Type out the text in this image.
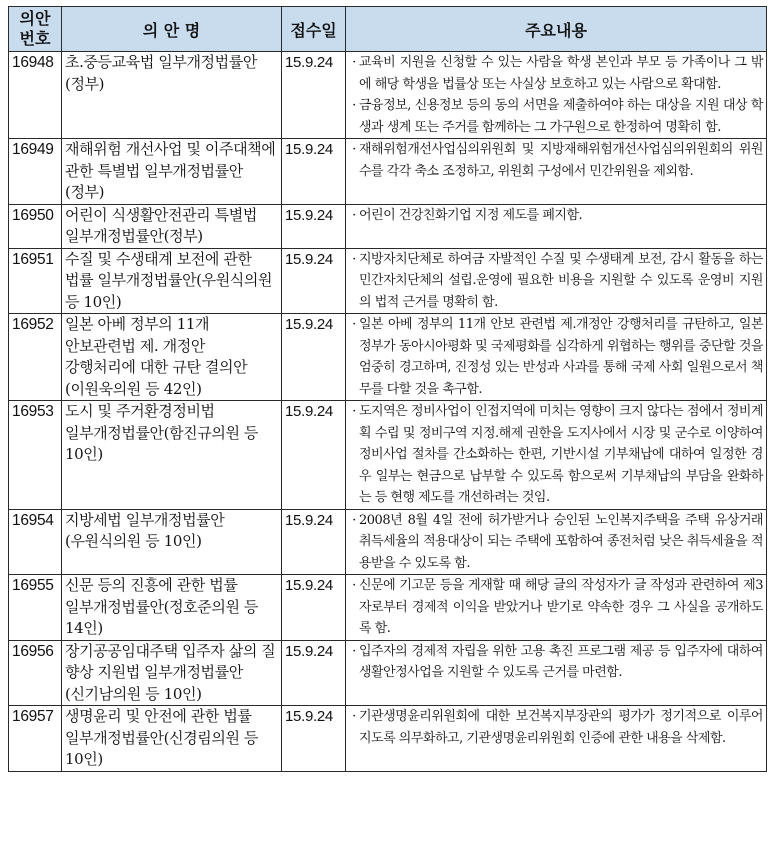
의안
번호	의 안 명	접수일	주요내용
16948	초.중등교육법 일부개정법률안(정부)	15.9.24	· 교육비 지원을 신청할 수 있는 사람을 학생 본인과 부모 등 가족이나 그 밖에 해당 학생을 법률상 또는 사실상 보호하고 있는 사람으로 확대함.
· 금융정보, 신용정보 등의 동의 서면을 제출하여야 하는 대상을 지원 대상 학생과 생계 또는 주거를 함께하는 그 가구원으로 한정하여 명확히 함.

16949	재해위험 개선사업 및 이주대책에 관한 특별법 일부개정법률안(정부)	15.9.24	· 재해위험개선사업심의위원회 및 지방재해위험개선사업심의위원회의 위원수를 각각 축소 조정하고, 위원회 구성에서 민간위원을 제외함.

16950	어린이 식생활안전관리 특별법 일부개정법률안(정부)	15.9.24	· 어린이 건강친화기업 지정 제도를 폐지함.

16951	수질 및 수생태계 보전에 관한 법률 일부개정법률안(우원식의원 등 10인)	15.9.24	· 지방자치단체로 하여금 자발적인 수질 및 수생태계 보전, 감시 활동을 하는 민간자치단체의 설립.운영에 필요한 비용을 지원할 수 있도록 운영비 지원의 법적 근거를 명확히 함.

16952	일본 아베 정부의 11개 안보관련법 제. 개정안 강행처리에 대한 규탄 결의안(이원욱의원 등 42인)	15.9.24	· 일본 아베 정부의 11개 안보 관련법 제.개정안 강행처리를 규탄하고, 일본 정부가 동아시아평화 및 국제평화를 심각하게 위협하는 행위를 중단할 것을 엄중히 경고하며, 진정성 있는 반성과 사과를 통해 국제 사회 일원으로서 책무를 다할 것을 촉구함.

16953	도시 및 주거환경정비법 일부개정법률안(함진규의원 등 10인)	15.9.24	· 도지역은 정비사업이 인접지역에 미치는 영향이 크지 않다는 점에서 정비계획 수립 및 정비구역 지정.해제 권한을 도지사에서 시장 및 군수로 이양하여 정비사업 절차를 간소화하는 한편, 기반시설 기부채납에 대하여 일정한 경우 일부는 현금으로 납부할 수 있도록 함으로써 기부채납의 부담을 완화하는 등 현행 제도를 개선하려는 것임.

16954	지방세법 일부개정법률안(우원식의원 등 10인)	15.9.24	· 2008년 8월 4일 전에 허가받거나 승인된 노인복지주택을 주택 유상거래 취득세율의 적용대상이 되는 주택에 포함하여 종전처럼 낮은 취득세율을 적용받을 수 있도록 함.

16955	신문 등의 진흥에 관한 법률 일부개정법률안(정호준의원 등 14인)	15.9.24	· 신문에 기고문 등을 게재할 때 해당 글의 작성자가 글 작성과 관련하여 제3자로부터 경제적 이익을 받았거나 받기로 약속한 경우 그 사실을 공개하도록 함.

16956	장기공공임대주택 입주자 삶의 질 향상 지원법 일부개정법률안(신기남의원 등 10인)	15.9.24	· 입주자의 경제적 자립을 위한 고용 촉진 프로그램 제공 등 입주자에 대하여 생활안정사업을 지원할 수 있도록 근거를 마련함.

16957	생명윤리 및 안전에 관한 법률 일부개정법률안(신경림의원 등 10인)	15.9.24	· 기관생명윤리위원회에 대한 보건복지부장관의 평가가 정기적으로 이루어지도록 의무화하고, 기관생명윤리위원회 인증에 관한 내용을 삭제함.
